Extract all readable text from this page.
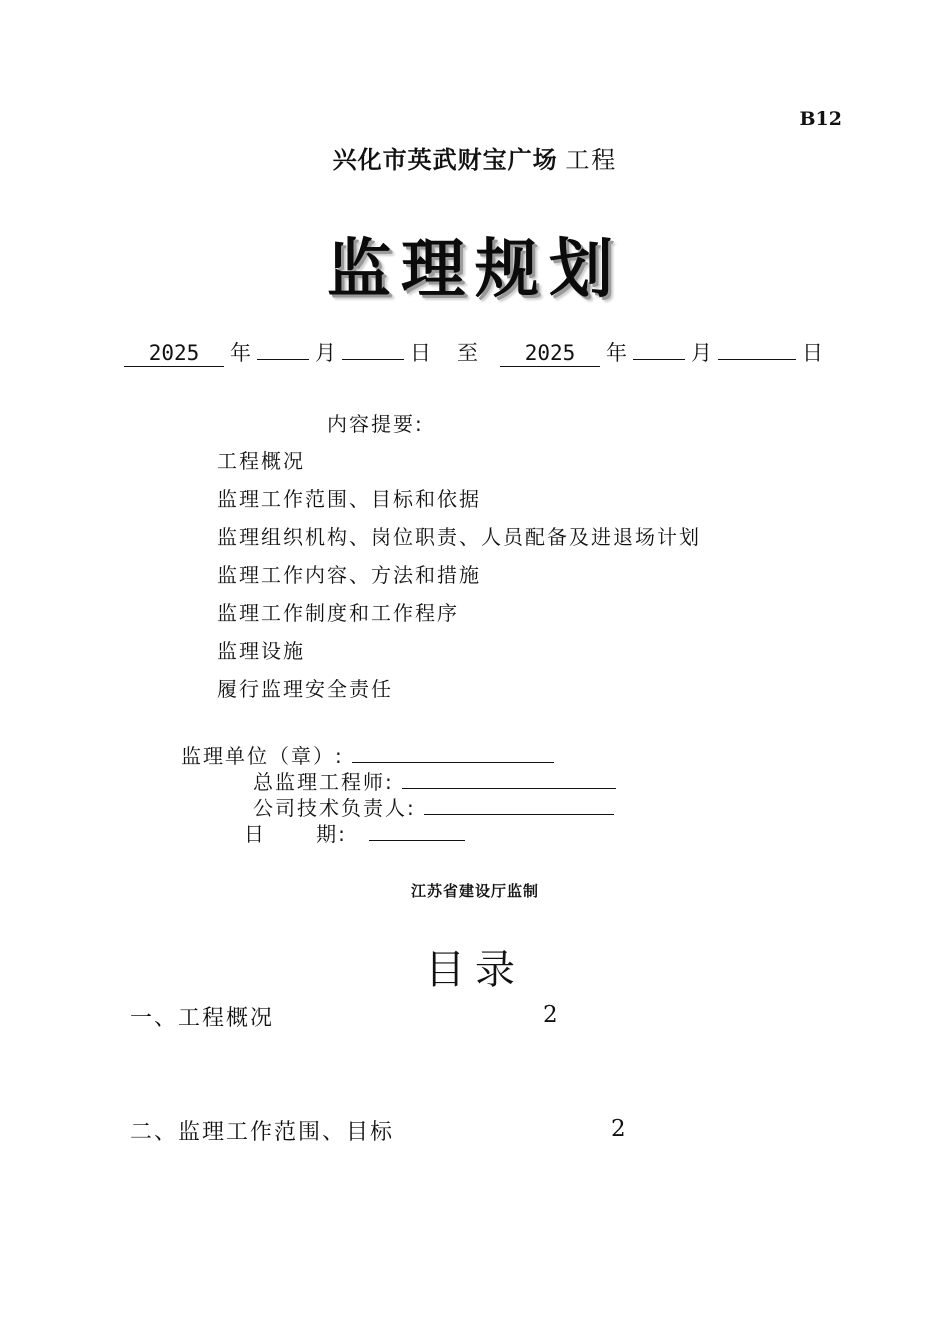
B12
兴化市英武财宝广场 工程
监理规划
2025	年	月	日	至	2025	年	月	日
内容提要:
工程概况
监理工作范围、目标和依据
监理组织机构、岗位职责、人员配备及进退场计划
监理工作内容、方法和措施
监理工作制度和工作程序
监理设施
履行监理安全责任
监理单位（章）:
总监理工程师:
公司技术负责人:
日      期:
江苏省建设厅监制
目录
一、工程概况	2
二、监理工作范围、目标	2
